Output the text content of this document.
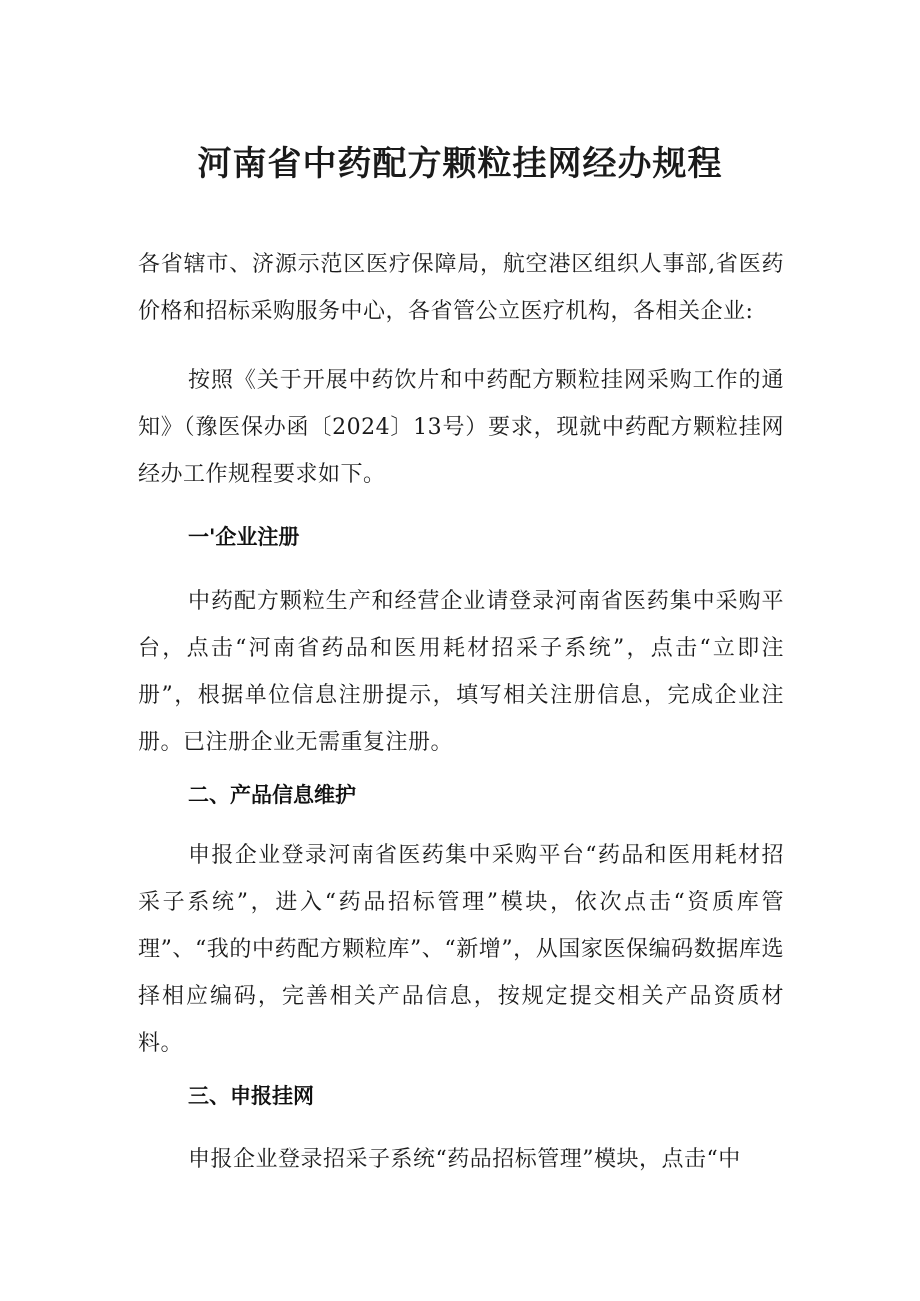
河南省中药配方颗粒挂网经办规程

各省辖市、济源示范区医疗保障局，航空港区组织人事部,省医药价格和招标采购服务中心，各省管公立医疗机构，各相关企业:

按照《关于开展中药饮片和中药配方颗粒挂网采购工作的通知》（豫医保办函〔2024〕13号）要求，现就中药配方颗粒挂网经办工作规程要求如下。

一'企业注册

中药配方颗粒生产和经营企业请登录河南省医药集中采购平台，点击“河南省药品和医用耗材招采子系统”，点击“立即注册”，根据单位信息注册提示，填写相关注册信息，完成企业注册。已注册企业无需重复注册。

二、产品信息维护

申报企业登录河南省医药集中采购平台“药品和医用耗材招采子系统”，进入“药品招标管理”模块，依次点击“资质库管理”、“我的中药配方颗粒库”、“新增”，从国家医保编码数据库选择相应编码，完善相关产品信息，按规定提交相关产品资质材料。

三、申报挂网

申报企业登录招采子系统“药品招标管理”模块，点击“中
